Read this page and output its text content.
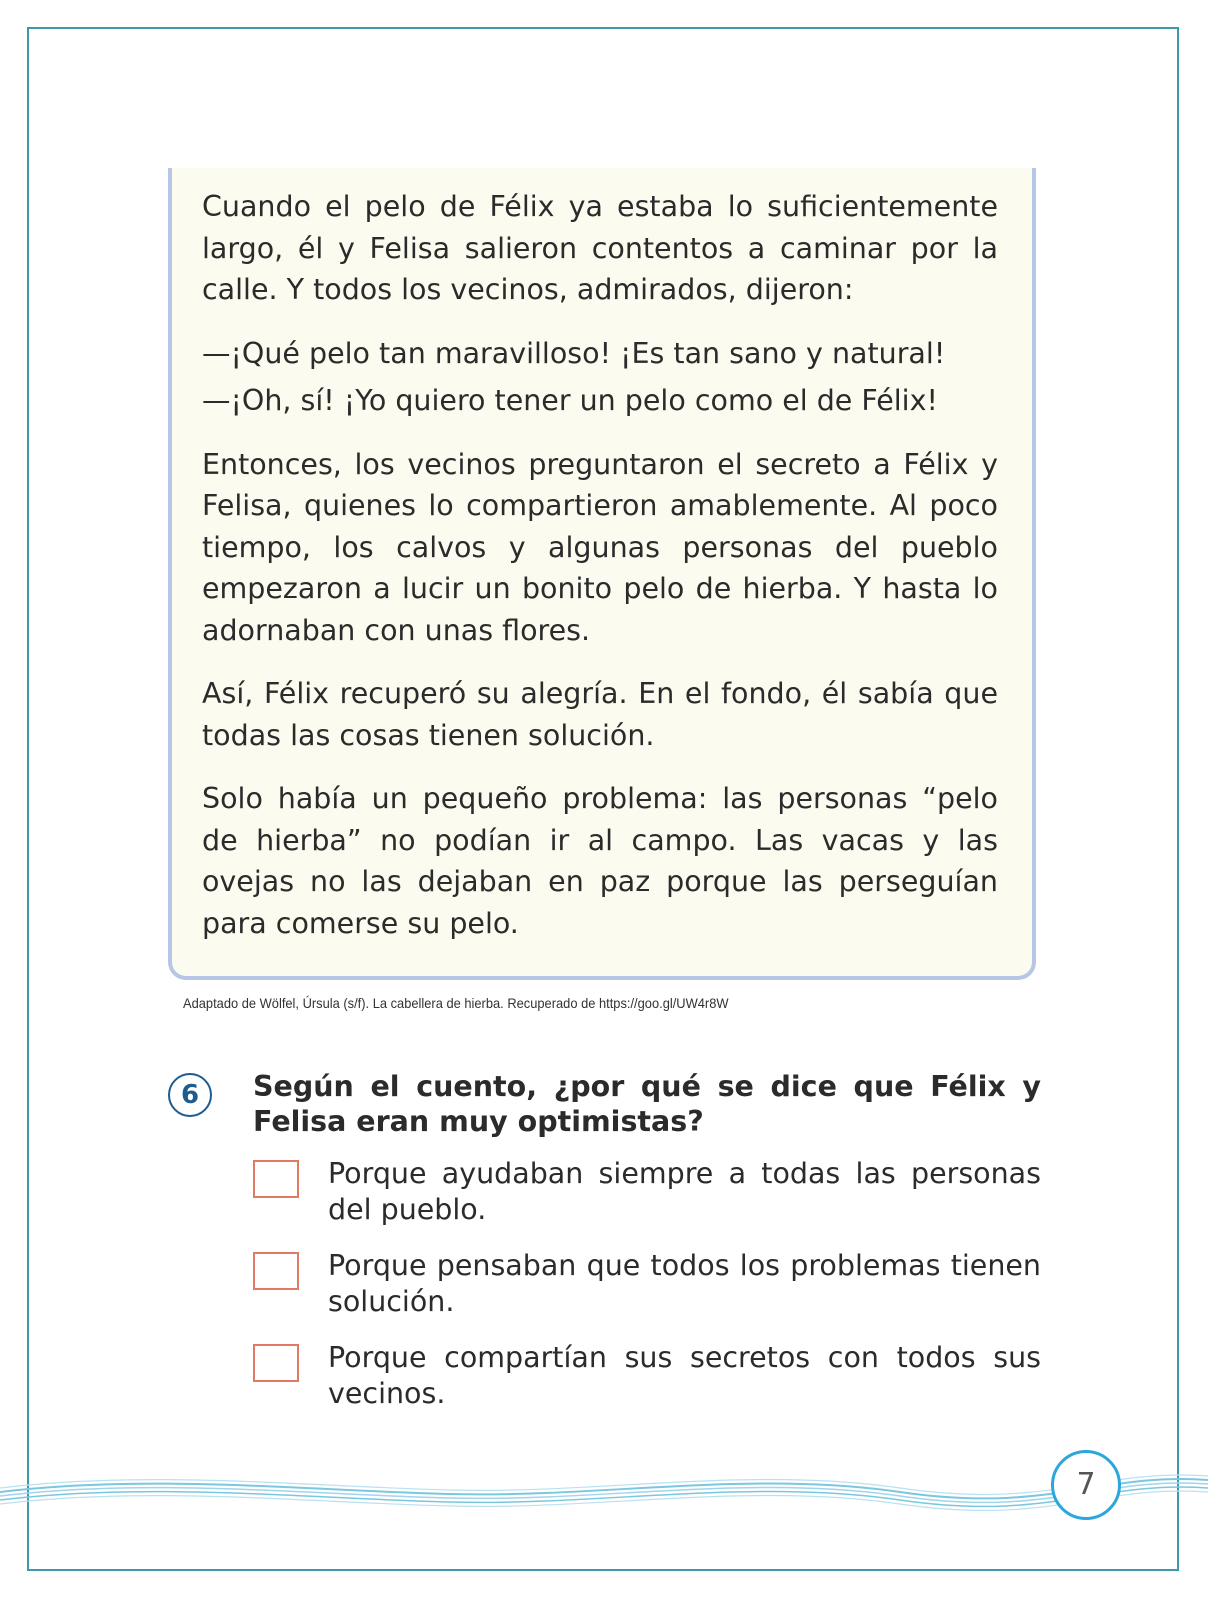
Cuando el pelo de Félix ya estaba lo suficientemente largo, él y Felisa salieron contentos a caminar por la calle. Y todos los vecinos, admirados, dijeron:

—¡Qué pelo tan maravilloso! ¡Es tan sano y natural!

—¡Oh, sí! ¡Yo quiero tener un pelo como el de Félix!

Entonces, los vecinos preguntaron el secreto a Félix y Felisa, quienes lo compartieron amablemente. Al poco tiempo, los calvos y algunas personas del pueblo empezaron a lucir un bonito pelo de hierba. Y hasta lo adornaban con unas flores.

Así, Félix recuperó su alegría. En el fondo, él sabía que todas las cosas tienen solución.

Solo había un pequeño problema: las personas “pelo de hierba” no podían ir al campo. Las vacas y las ovejas no las dejaban en paz porque las perseguían para comerse su pelo.

Adaptado de Wölfel, Úrsula (s/f). La cabellera de hierba. Recuperado de https://goo.gl/UW4r8W
6	Según el cuento, ¿por qué se dice que Félix y Felisa eran muy optimistas?
Porque ayudaban siempre a todas las personas del pueblo.
Porque pensaban que todos los problemas tienen solución.
Porque compartían sus secretos con todos sus vecinos.
7
